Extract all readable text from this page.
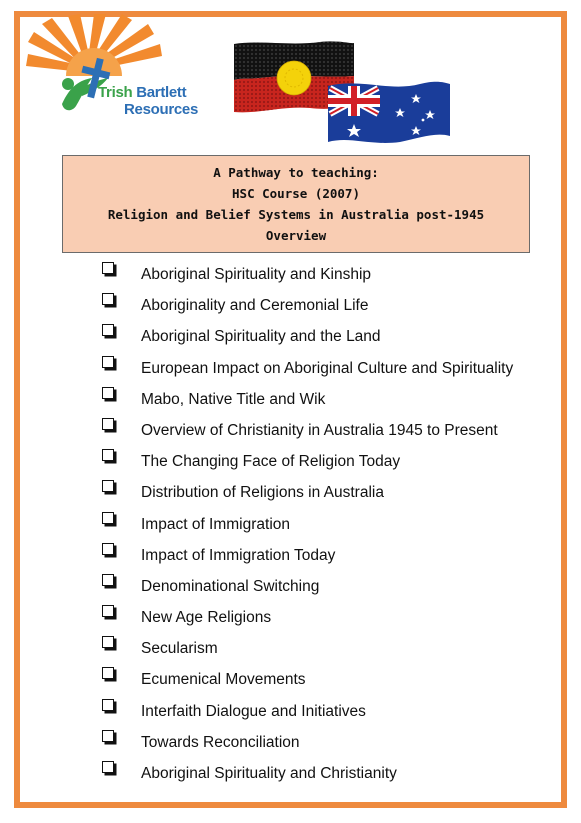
Trish Bartlett
Resources
A Pathway to teaching:
HSC Course (2007)
Religion and Belief Systems in Australia post-1945
Overview
Aboriginal Spirituality and Kinship
Aboriginality and Ceremonial Life
Aboriginal Spirituality and the Land
European Impact on Aboriginal Culture and Spirituality
Mabo, Native Title and Wik
Overview of Christianity in Australia 1945 to Present
The Changing Face of Religion Today
Distribution of Religions in Australia
Impact of Immigration
Impact of Immigration Today
Denominational Switching
New Age Religions
Secularism
Ecumenical Movements
Interfaith Dialogue and Initiatives
Towards Reconciliation
Aboriginal Spirituality and Christianity
